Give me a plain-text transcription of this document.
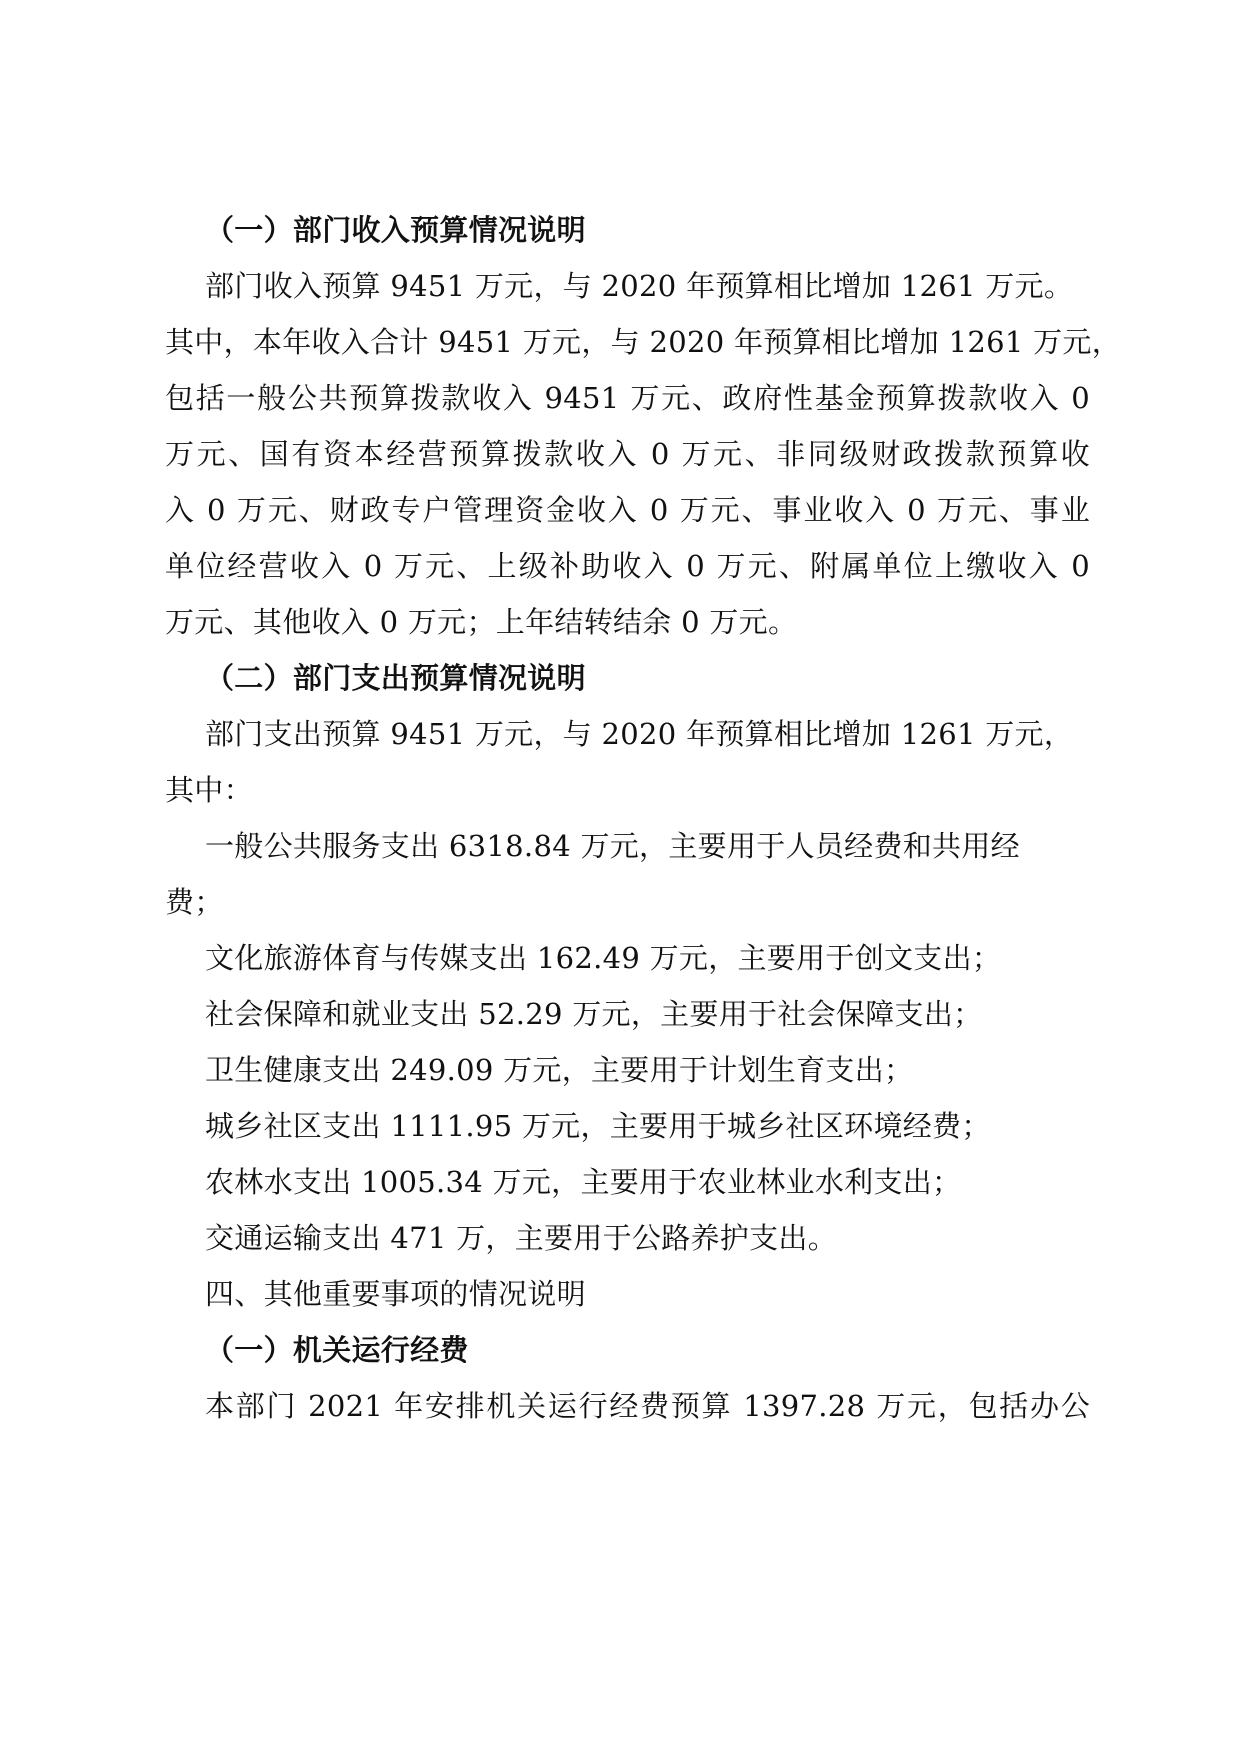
（一）部门收入预算情况说明
部门收入预算 9451 万元，与 2020 年预算相比增加 1261 万元。
其中，本年收入合计 9451 万元，与 2020 年预算相比增加 1261 万元，
包括一般公共预算拨款收入 9451 万元、政府性基金预算拨款收入 0
万元、国有资本经营预算拨款收入 0 万元、非同级财政拨款预算收
入 0 万元、财政专户管理资金收入 0 万元、事业收入 0 万元、事业
单位经营收入 0 万元、上级补助收入 0 万元、附属单位上缴收入 0
万元、其他收入 0 万元；上年结转结余 0 万元。
（二）部门支出预算情况说明
部门支出预算 9451 万元，与 2020 年预算相比增加 1261 万元，
其中：
一般公共服务支出 6318.84 万元，主要用于人员经费和共用经
费；
文化旅游体育与传媒支出 162.49 万元，主要用于创文支出；
社会保障和就业支出 52.29 万元，主要用于社会保障支出；
卫生健康支出 249.09 万元，主要用于计划生育支出；
城乡社区支出 1111.95 万元，主要用于城乡社区环境经费；
农林水支出 1005.34 万元，主要用于农业林业水利支出；
交通运输支出 471 万，主要用于公路养护支出。
四、其他重要事项的情况说明
（一）机关运行经费
本部门 2021 年安排机关运行经费预算 1397.28 万元，包括办公
